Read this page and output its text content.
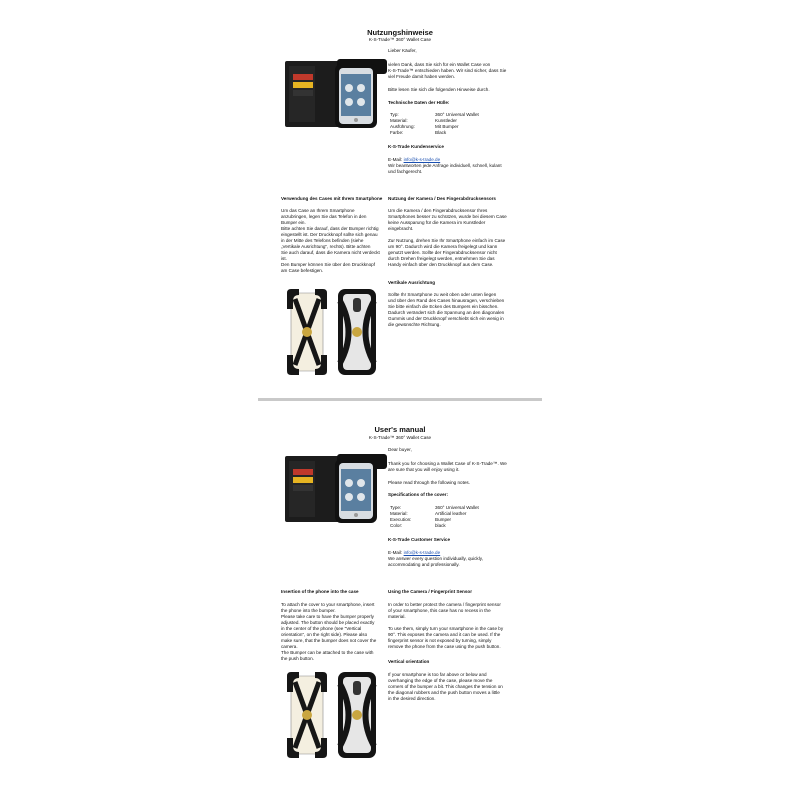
Nutzungshinweise
K-S-Trade™ 360° Wallet Case
Lieber Käufer,
vielen Dank, dass Sie sich für ein Wallet Case von
K-S-Trade™ entschieden haben. Wir sind sicher, dass Sie
viel Freude damit haben werden.
Bitte lesen Sie sich die folgenden Hinweise durch.
Technische Daten der Hülle:
Typ:	360° Universal Wallet
Material:	Kunstleder
Ausführung:	Mit Bumper
Farbe:	Black
K-S-Trade Kundenservice
E-Mail: info@k-s-trade.de
Wir beantworten jede Anfrage individuell, schnell, kulant
und fachgerecht.
Verwendung des Cases mit Ihrem Smartphone
Um das Case an Ihrem Smartphone
anzubringen, legen Sie das Telefon in den
Bumper ein.
Bitte achten Sie darauf, dass der Bumper richtig
eingestellt ist. Der Druckknopf sollte sich genau
in der Mitte des Telefons befinden (siehe
„Vertikale Ausrichtung", rechts). Bitte achten
Sie auch darauf, dass die Kamera nicht verdeckt
ist.
Den Bumper können Sie über den Druckknopf
am Case befestigen.
Nutzung der Kamera / Des Fingerabdrucksensors
Um die Kamera / den Fingerabdrucksensor Ihres
Smartphones besser zu schützen, wurde bei diesem Case
keine Aussparung für die Kamera im Kunstleder
eingebracht.

Zur Nutzung, drehen Sie Ihr Smartphone einfach im Case
um 90°. Dadurch wird die Kamera freigelegt und kann
genutzt werden. Sollte der Fingerabdrucksensor nicht
durch Drehen freigelegt werden, entnehmen Sie das
Handy einfach über den Druckknopf aus dem Case.
Vertikale Ausrichtung
Sollte Ihr Smartphone zu weit oben oder unten liegen
und über den Rand des Cases hinausragen, verschieben
Sie bitte einfach die Ecken des Bumpers ein bisschen.
Dadurch verändert sich die Spannung an den diagonalen
Gummis und der Druckknopf verschiebt sich ein wenig in
die gewünschte Richtung.
User's manual
K-S-Trade™ 360° Wallet Case
Dear buyer,
Thank you for choosing a Wallet Case of K-S-Trade™. We
are sure that you will enjoy using it.
Please read through the following notes.
Specifications of the cover:
Type:	360° Universal Wallet
Material:	Artificial leather
Execution:	Bumper
Color:	black
K-S-Trade Customer Service
E-Mail: info@k-s-trade.de
We answer every question individually, quickly,
accommodating and professionally.
Insertion of the phone into the case
To attach the cover to your smartphone, insert
the phone into the bumper.
Please take care to have the bumper properly
adjusted. The button should be placed exactly
in the center of the phone (see "Vertical
orientation", on the right side). Please also
make sure, that the bumper does not cover the
camera.
The Bumper can be attached to the case with
the push button.
Using the Camera / Fingerprint Sensor
In order to better protect the camera / fingerprint sensor
of your smartphone, this case has no recess in the
material.

To use them, simply turn your smartphone in the case by
90°. This exposes the camera and it can be used. If the
fingerprint sensor is not exposed by turning, simply
remove the phone from the case using the push button.
Vertical orientation
If your smartphone is too far above or below and
overhanging the edge of the case, please move the
corners of the bumper a bit. This changes the tension on
the diagonal rubbers and the push button moves a little
in the desired direction.
